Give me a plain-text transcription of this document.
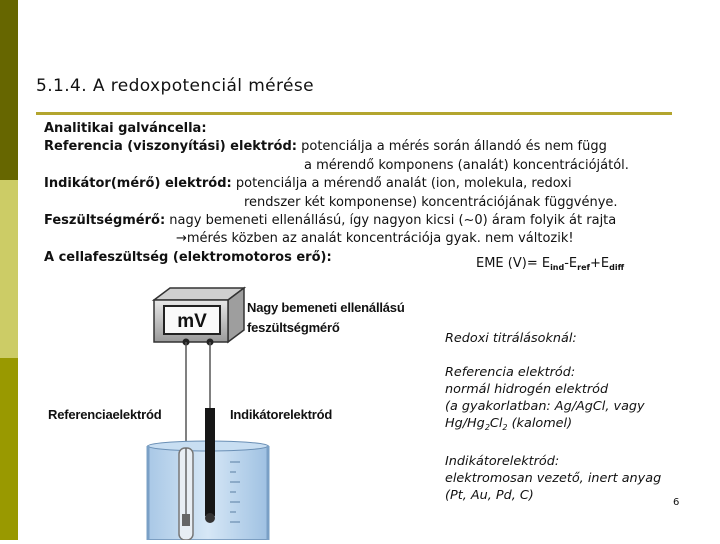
5.1.4. A redoxpotenciál mérése
Analitikai galváncella:
Referencia (viszonyítási) elektród: potenciálja a mérés során állandó és nem függ
a mérendő komponens (analát) koncentrációjától.
Indikátor(mérő) elektród: potenciálja a mérendő analát (ion, molekula, redoxi
rendszer két komponense) koncentrációjának függvénye.
Feszültségmérő: nagy bemeneti ellenállású, így nagyon kicsi (~0) áram folyik át rajta
→mérés közben az analát koncentrációja gyak. nem változik!
A cellafeszültség (elektromotoros erő):	EME $(V)= E_{ind}-E_{ref}+E_{diff}$
mV
Nagy bemeneti ellenállású
feszültségmérő
Referenciaelektród	Indikátorelektród
Redoxi titrálásoknál:
Referencia elektród:
normál hidrogén elektród
(a gyakorlatban: Ag/AgCl, vagy
$Hg/Hg_2Cl_2$ (kalomel)
Indikátorelektród:
elektromosan vezető, inert anyag
(Pt, Au, Pd, C)	6
